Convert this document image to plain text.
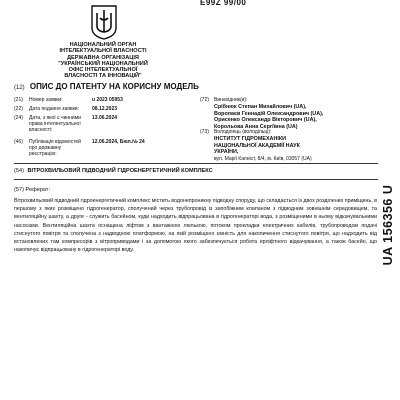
E99Z 99/00
НАЦІОНАЛЬНИЙ ОРГАН
ІНТЕЛЕКТУАЛЬНОЇ ВЛАСНОСТІ
ДЕРЖАВНА ОРГАНІЗАЦІЯ
"УКРАЇНСЬКИЙ НАЦІОНАЛЬНИЙ
ОФІС ІНТЕЛЕКТУАЛЬНОЇ
ВЛАСНОСТІ ТА ІННОВАЦІЙ"
(12) ОПИС ДО ПАТЕНТУ НА КОРИСНУ МОДЕЛЬ
(21) Номер заявки:	u 2023 05953
(22) Дата подання заявки:	08.12.2023
(24) Дата, з якої є чинними права інтелектуальної власності:
13.06.2024
(46) Публікація відомостей про державну реєстрацію:
12.06.2024, Бюл.№ 24
(72) Винахідник(и):
Срібнюк Степан Михайлович (UA),
Воропаєв Геннадій Олександрович (UA),
Орисенко Олександр Вікторович (UA),
Корольова Анна Сергіївна (UA)
(73) Володілець (володільці):
ІНСТИТУТ ГІДРОМЕХАНІКИ
НАЦІОНАЛЬНОЇ АКАДЕМІЇ НАУК
УКРАЇНИ,
вул. Марії Капніст, 8/4, м. Київ, 03057 (UA)
(54) ВІТРОХВИЛЬОВИЙ ПІДВОДНИЙ ГІДРОЕНЕРГЕТИЧНИЙ КОМПЛЕКС
(57) Реферат:
Вітрохвильовий підводний гідроенергетичний комплекс містить водонепроникну підводну споруду, що складається із двох розділених приміщень, в першому з яких розміщено гідрогенератор, сполучений через трубопровід із запобіжним клапаном з підводним зовнішнім середовищем, та вентиляційну шахту, а друге - служить басейном, куди надходить відпрацьована в гідрогенераторі вода, з розміщеними в ньому відкачувальними насосами. Вентиляційна шахта оснащена ліфтом з вантажною люлькою, потоком прокладки електричних кабелів, трубопроводом подачі стиснутого повітря та сполучена з надводною платформою, на якій розміщено ємність для накопичення стиснутого повітря, що надходить від встановлених там компресорів з вітроприводами і за допомогою якого забезпечується робота ерліфтного відкачування, а також басейн, що накопичує відпрацьовану в гідрогенераторі воду.	UA 156356 U
